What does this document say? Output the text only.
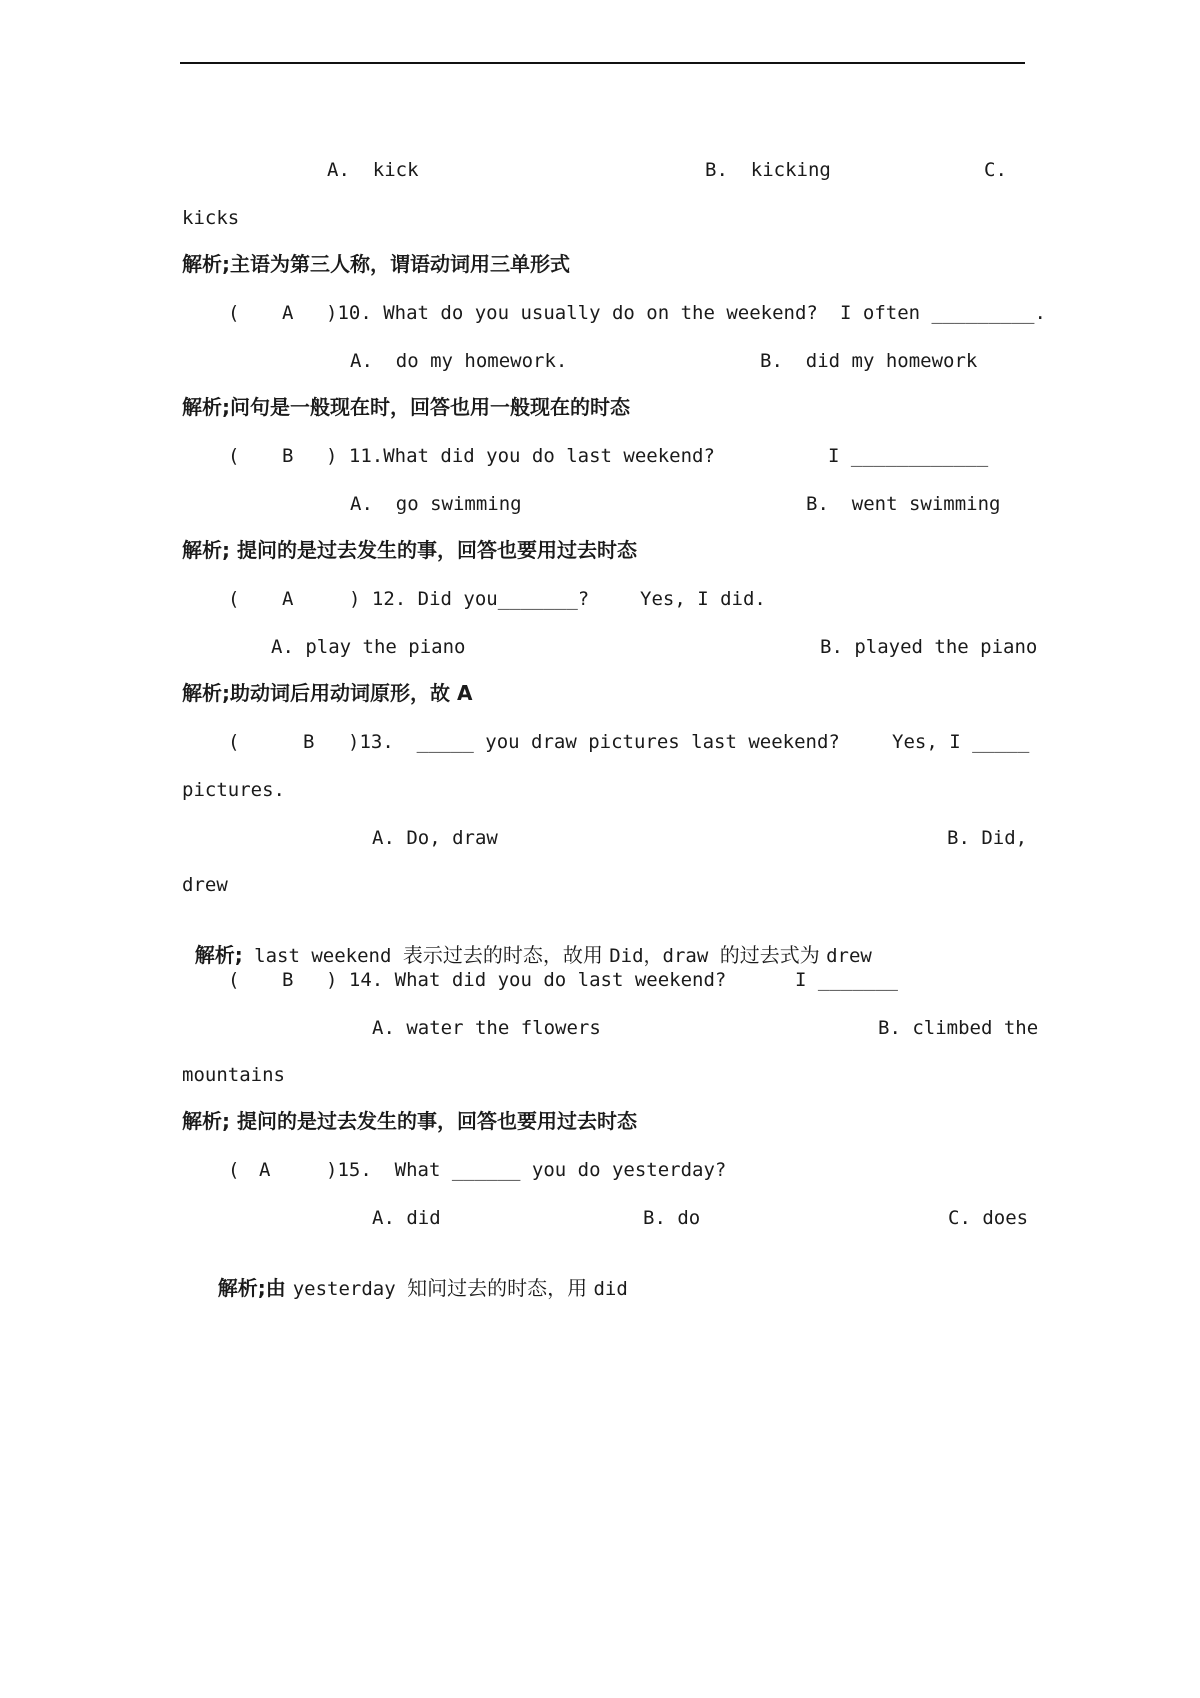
A.  kick	B.  kicking	C.
kicks
解析;主语为第三人称，谓语动词用三单形式
( A )10. What do you usually do on the weekend? I often _________.
A.  do my homework.	B.  did my homework
解析;问句是一般现在时，回答也用一般现在的时态
( B ) 11.What did you do last weekend?	I ____________
A.  go swimming	B.  went swimming
解析; 提问的是过去发生的事，回答也要用过去时态
( A	) 12. Did you_______?	Yes, I did.
A. play the piano	B. played the piano
解析;助动词后用动词原形，故 A
(	B )13.  _____ you draw pictures last weekend?	Yes, I _____
pictures.
A. Do, draw	B. Did,
drew

解析; last weekend 表示过去的时态，故用 Did，draw 的过去式为 drew

( B ) 14. What did you do last weekend?	I _______
A. water the flowers	B. climbed the
mountains
解析; 提问的是过去发生的事，回答也要用过去时态
( A	)15.  What ______ you do yesterday?
A. did	B. do	C. does

解析;由 yesterday 知问过去的时态，用 did
